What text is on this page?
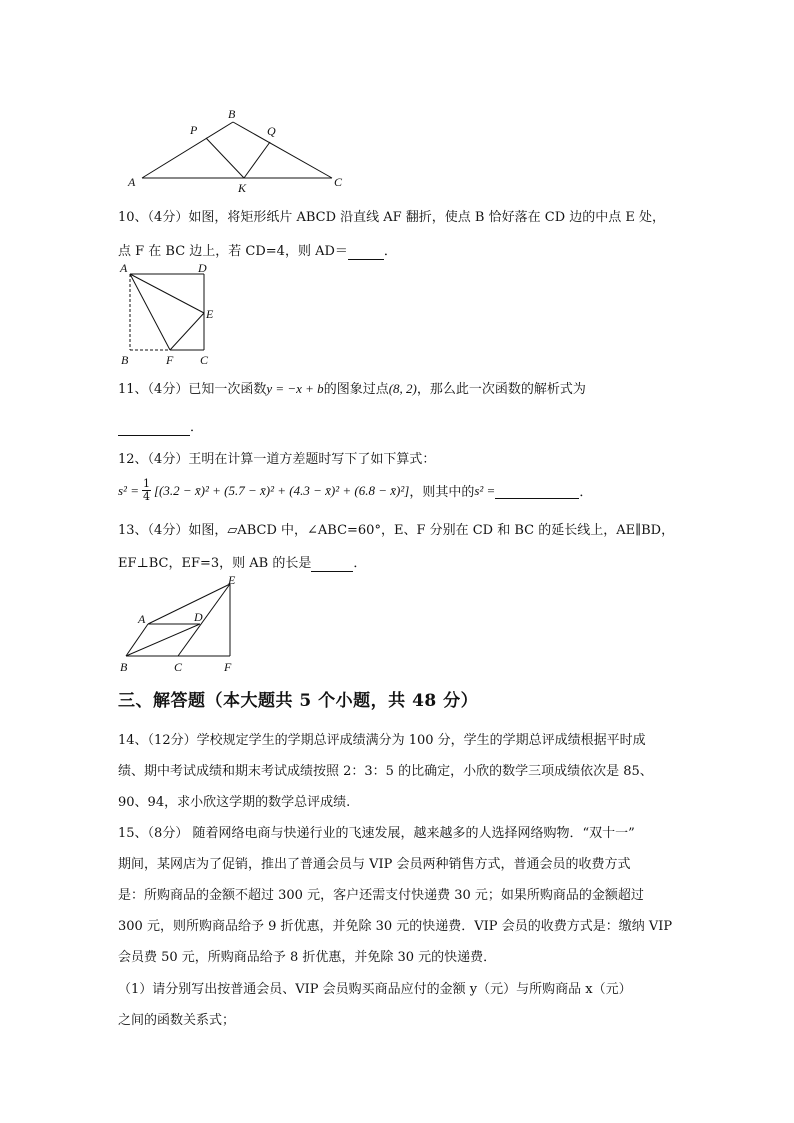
A
B
C
P	Q
K
10、（4分）如图，将矩形纸片 ABCD 沿直线 AF 翻折，使点 B 恰好落在 CD 边的中点 E 处，
点 F 在 BC 边上，若 CD=4，则 AD＝	．
A	D
E
B	F C
11、（4分）已知一次函数y = −x + b的图象过点(8, 2)，那么此一次函数的解析式为
．
12、（4分）王明在计算一道方差题时写下了如下算式：
s² = 1
4 [(3.2 − x̄)² + (5.7 − x̄)² + (4.3 − x̄)² + (6.8 − x̄)²] ，则其中的 s² =
	．
13、（4分）如图，▱ABCD 中，∠ABC=60°，E、F 分别在 CD 和 BC 的延长线上，AE∥BD，
EF⊥BC，EF=3，则 AB 的长是	．
A	D
E
B	C	F
三、解答题（本大题共 5 个小题，共 48 分）
14、（12分）学校规定学生的学期总评成绩满分为 100 分，学生的学期总评成绩根据平时成
绩、期中考试成绩和期末考试成绩按照 2：3：5 的比确定，小欣的数学三项成绩依次是 85、
90、94，求小欣这学期的数学总评成绩.
15、（8分） 随着网络电商与快递行业的飞速发展，越来越多的人选择网络购物．“双十一”
期间，某网店为了促销，推出了普通会员与 VIP 会员两种销售方式，普通会员的收费方式
是：所购商品的金额不超过 300 元，客户还需支付快递费 30 元；如果所购商品的金额超过
300 元，则所购商品给予 9 折优惠，并免除 30 元的快递费．VIP 会员的收费方式是：缴纳 VIP
会员费 50 元，所购商品给予 8 折优惠，并免除 30 元的快递费．
（1）请分别写出按普通会员、VIP 会员购买商品应付的金额 y（元）与所购商品 x（元）
之间的函数关系式；
